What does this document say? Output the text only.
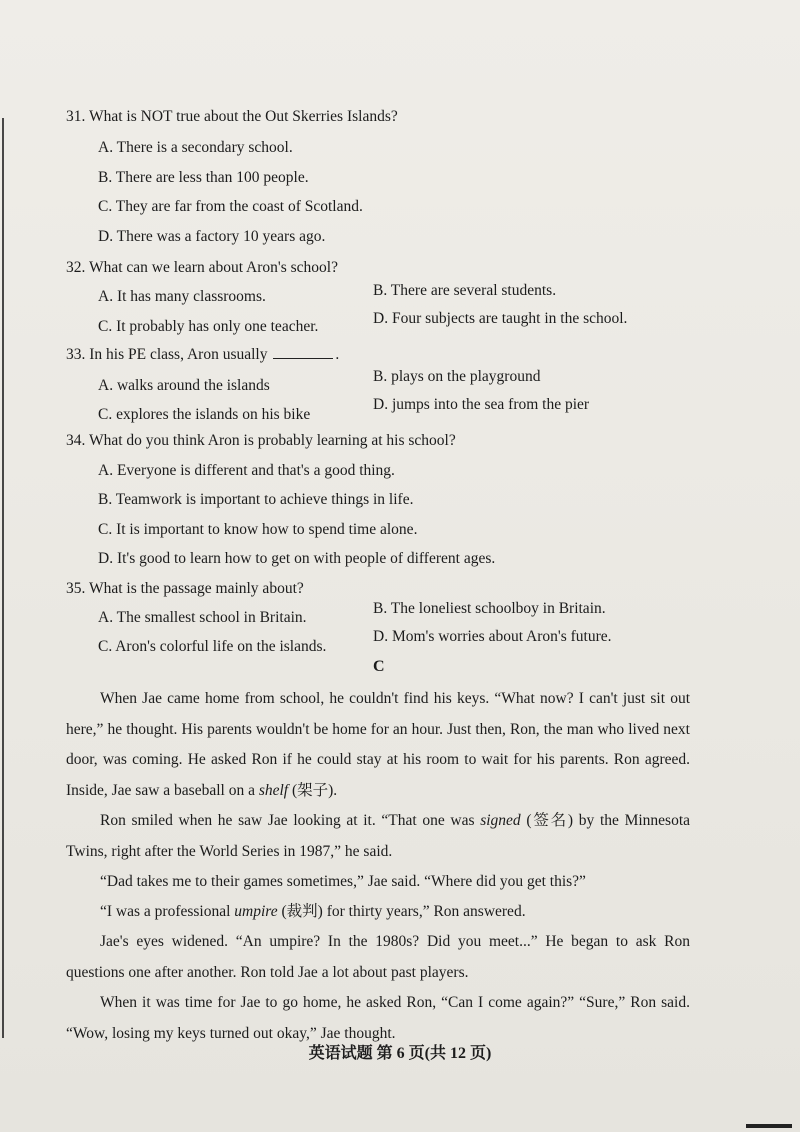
31. What is NOT true about the Out Skerries Islands?
A. There is a secondary school.
B. There are less than 100 people.
C. They are far from the coast of Scotland.
D. There was a factory 10 years ago.
32. What can we learn about Aron's school?
A. It has many classrooms.	B. There are several students.
C. It probably has only one teacher.	D. Four subjects are taught in the school.
33. In his PE class, Aron usually	.
A. walks around the islands
B. plays on the playground
C. explores the islands on his bike
D. jumps into the sea from the pier
34. What do you think Aron is probably learning at his school?
A. Everyone is different and that's a good thing.
B. Teamwork is important to achieve things in life.
C. It is important to know how to spend time alone.
D. It's good to learn how to get on with people of different ages.
35. What is the passage mainly about?
A. The smallest school in Britain.
B. The loneliest schoolboy in Britain.
C. Aron's colorful life on the islands.
D. Mom's worries about Aron's future.
C
When Jae came home from school, he couldn't find his keys. “What now? I can't just sit out here,” he thought. His parents wouldn't be home for an hour. Just then, Ron, the man who lived next door, was coming. He asked Ron if he could stay at his room to wait for his parents. Ron agreed. Inside, Jae saw a baseball on a shelf (架子).
Ron smiled when he saw Jae looking at it. “That one was signed (签名) by the Minnesota Twins, right after the World Series in 1987,” he said.
“Dad takes me to their games sometimes,” Jae said. “Where did you get this?”
“I was a professional umpire (裁判) for thirty years,” Ron answered.
Jae's eyes widened. “An umpire? In the 1980s? Did you meet...” He began to ask Ron questions one after another. Ron told Jae a lot about past players.
When it was time for Jae to go home, he asked Ron, “Can I come again?” “Sure,” Ron said. “Wow, losing my keys turned out okay,” Jae thought.
英语试题 第 6 页(共 12 页)
